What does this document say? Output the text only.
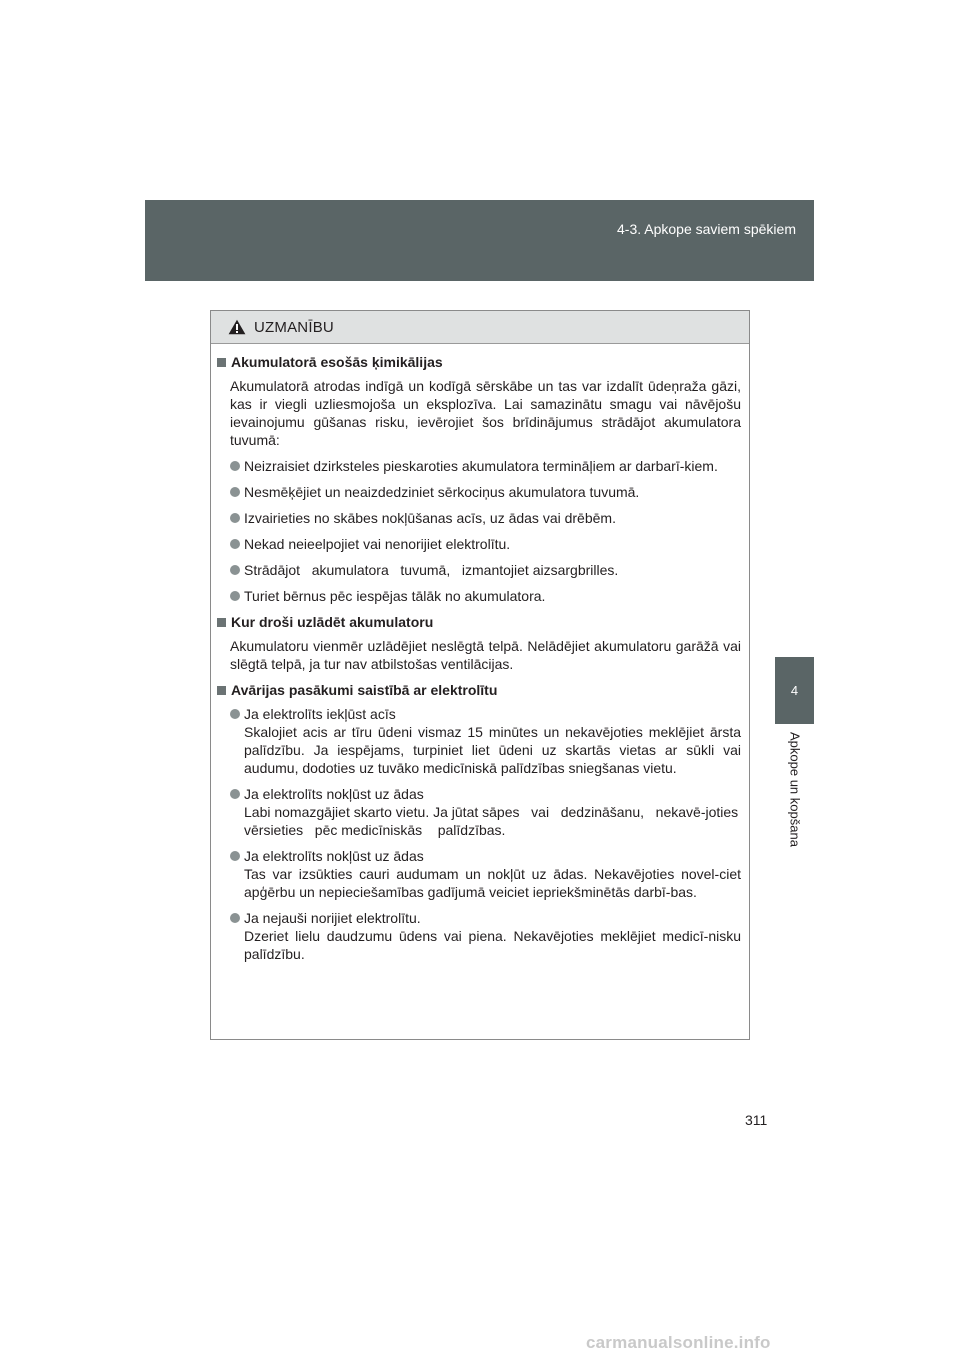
4-3. Apkope saviem spēkiem
4
Apkope un kopšana
UZMANĪBU
Akumulatorā esošās ķimikālijas
Akumulatorā atrodas indīgā un kodīgā sērskābe un tas var izdalīt ūdeņraža gāzi, kas ir viegli uzliesmojoša un eksplozīva. Lai samazinātu smagu vai nāvējošu ievainojumu gūšanas risku, ievērojiet šos brīdinājumus strādājot akumulatora tuvumā:
Neizraisiet dzirksteles pieskaroties akumulatora termināļiem ar darbarī-kiem.
Nesmēķējiet un neaizdedziniet sērkociņus akumulatora tuvumā.
Izvairieties no skābes nokļūšanas acīs, uz ādas vai drēbēm.
Nekad neieelpojiet vai nenorijiet elektrolītu.
Strādājot   akumulatora   tuvumā,   izmantojiet aizsargbrilles.
Turiet bērnus pēc iespējas tālāk no akumulatora.
Kur droši uzlādēt akumulatoru
Akumulatoru vienmēr uzlādējiet neslēgtā telpā. Nelādējiet akumulatoru garāžā vai slēgtā telpā, ja tur nav atbilstošas ventilācijas.
Avārijas pasākumi saistībā ar elektrolītu
Ja elektrolīts iekļūst acīs
Skalojiet acis ar tīru ūdeni vismaz 15 minūtes un nekavējoties meklējiet ārsta palīdzību. Ja iespējams, turpiniet liet ūdeni uz skartās vietas ar sūkli vai audumu, dodoties uz tuvāko medicīniskā palīdzības sniegšanas vietu.
Ja elektrolīts nokļūst uz ādas
Labi nomazgājiet skarto vietu. Ja jūtat sāpes   vai   dedzināšanu,   nekavē-joties vērsieties   pēc medicīniskās    palīdzības.
Ja elektrolīts nokļūst uz ādas
Tas var izsūkties cauri audumam un nokļūt uz ādas. Nekavējoties novel-ciet apģērbu un nepieciešamības gadījumā veiciet iepriekšminētās darbī-bas.
Ja nejauši norijiet elektrolītu.
Dzeriet lielu daudzumu ūdens vai piena. Nekavējoties meklējiet medicī-nisku palīdzību.
311
carmanualsonline.info
